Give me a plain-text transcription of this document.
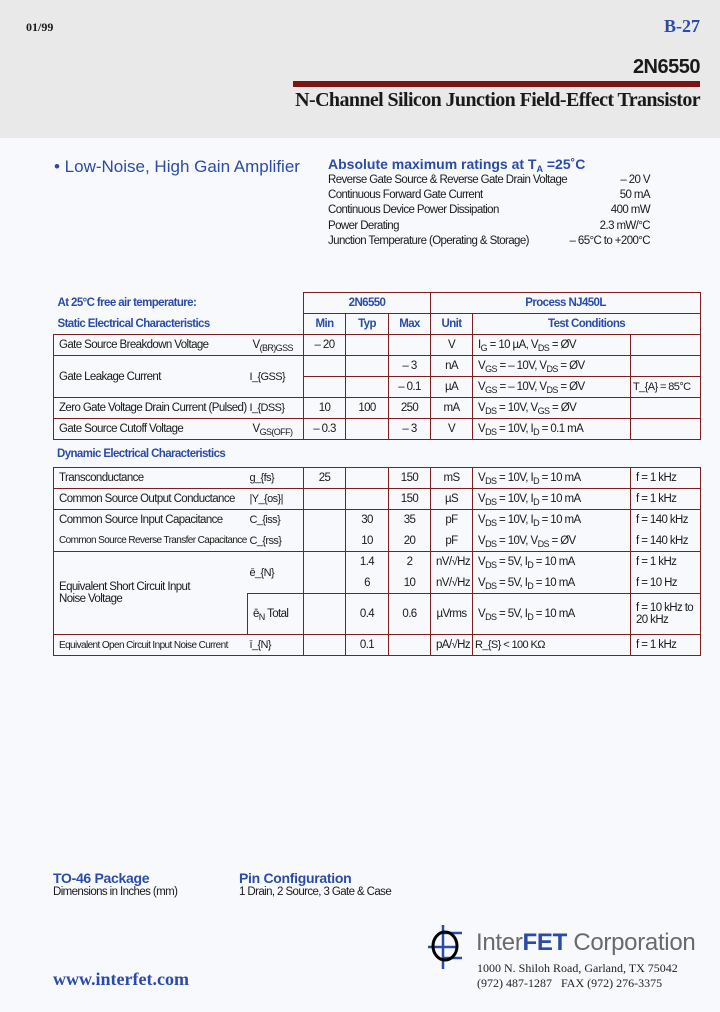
01/99	B-27
2N6550
N-Channel Silicon Junction Field-Effect Transistor
• Low-Noise, High Gain Amplifier Absolute maximum ratings at $T_A$ =25˚C
Reverse Gate Source & Reverse Gate Drain Voltage	– 20 V
Continuous Forward Gate Current	50 mA
Continuous Device Power Dissipation	400 mW
Power Derating	2.3 mW/°C
Junction Temperature (Operating & Storage)	– 65°C to +200°C
At 25°C free air temperature:		2N6550			Process NJ450L		
Static Electrical Characteristics		Min	Typ	Max	Unit	Test Conditions	
Gate Source Breakdown Voltage	$V_{(BR)GSS}$	– 20			V	$I_G = 10$ µA, $V_{DS}$ = ØV	
Gate Leakage Current	I_{GSS}			– 3	nA	$V_{GS}$ = – 10V, $V_{DS}$ = ØV	
				– 0.1	µA	$V_{GS}$ = – 10V, $V_{DS}$ = ØV	T_{A} = 85°C
Zero Gate Voltage Drain Current (Pulsed)	I_{DSS}	10	100	250	mA	$V_{DS} = 10V$, $V_{GS}$ = ØV	
Gate Source Cutoff Voltage	$V_{GS(OFF)}$	– 0.3		– 3	V	$V_{DS} = 10V$, $I_D = 0.1$ mA	
Dynamic Electrical Characteristics
Transconductance	g_{fs}	25		150	mS	$V_{DS} = 10V$, $I_D = 10$ mA	f = 1 kHz
Common Source Output Conductance	|Y_{os}|			150	µS	$V_{DS} = 10V$, $I_D = 10$ mA	f = 1 kHz
Common Source Input Capacitance	C_{iss}		30	35	pF	$V_{DS} = 10V$, $I_D = 10$ mA	f = 140 kHz
Common Source Reverse Transfer Capacitance	C_{rss}		10	20	pF	$V_{DS} = 10V$, $V_{DS}$ = ØV	f = 140 kHz
Equivalent Short Circuit Input Noise Voltage	ē_{N}		1.4	2	nV/√Hz	$V_{DS} = 5V$, $I_D = 10$ mA	f = 1 kHz
			6	10	nV/√Hz	$V_{DS} = 5V$, $I_D = 10$ mA	f = 10 Hz
	$ē_N$ Total		0.4	0.6	µVrms	$V_{DS} = 5V$, $I_D = 10$ mA	f = 10 kHz to 20 kHz
Equivalent Open Circuit Input Noise Current	ī_{N}		0.1		pA/√Hz	R_{S} < 100 KΩ	f = 1 kHz
TO-46 Package

Dimensions in Inches (mm)

Pin Configuration

1 Drain, 2 Source, 3 Gate & Case

InterFET Corporation
1000 N. Shiloh Road, Garland, TX 75042
(972) 487-1287 FAX (972) 276-3375
www.interfet.com
